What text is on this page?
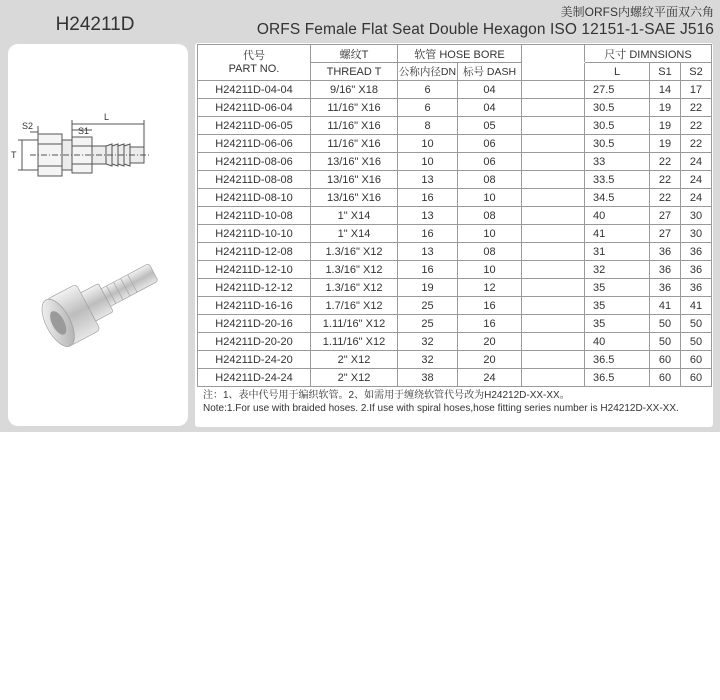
H24211D
美制ORFS内螺纹平面双六角
ORFS Female Flat Seat Double Hexagon ISO 12151-1-SAE J516
L
S1
S2
T
代号
PART NO.	螺纹T	软管 HOSE BORE			尺寸 DIMNSIONS		
	THREAD T	公称内径DN	标号 DASH		L	S1	S2
H24211D-04-04	9/16" X18	6	04		27.5	14	17
H24211D-06-04	11/16" X16	6	04		30.5	19	22
H24211D-06-05	11/16" X16	8	05		30.5	19	22
H24211D-06-06	11/16" X16	10	06		30.5	19	22
H24211D-08-06	13/16" X16	10	06		33	22	24
H24211D-08-08	13/16" X16	13	08		33.5	22	24
H24211D-08-10	13/16" X16	16	10		34.5	22	24
H24211D-10-08	1" X14	13	08		40	27	30
H24211D-10-10	1" X14	16	10		41	27	30
H24211D-12-08	1.3/16" X12	13	08		31	36	36
H24211D-12-10	1.3/16" X12	16	10		32	36	36
H24211D-12-12	1.3/16" X12	19	12		35	36	36
H24211D-16-16	1.7/16" X12	25	16		35	41	41
H24211D-20-16	1.11/16" X12	25	16		35	50	50
H24211D-20-20	1.11/16" X12	32	20		40	50	50
H24211D-24-20	2" X12	32	20		36.5	60	60
H24211D-24-24	2" X12	38	24		36.5	60	60
注：1、表中代号用于编织软管。2、如需用于缠绕软管代号改为H24212D-XX-XX。
Note:1.For use with braided hoses. 2.If use with spiral hoses,hose fitting series number is H24212D-XX-XX.
